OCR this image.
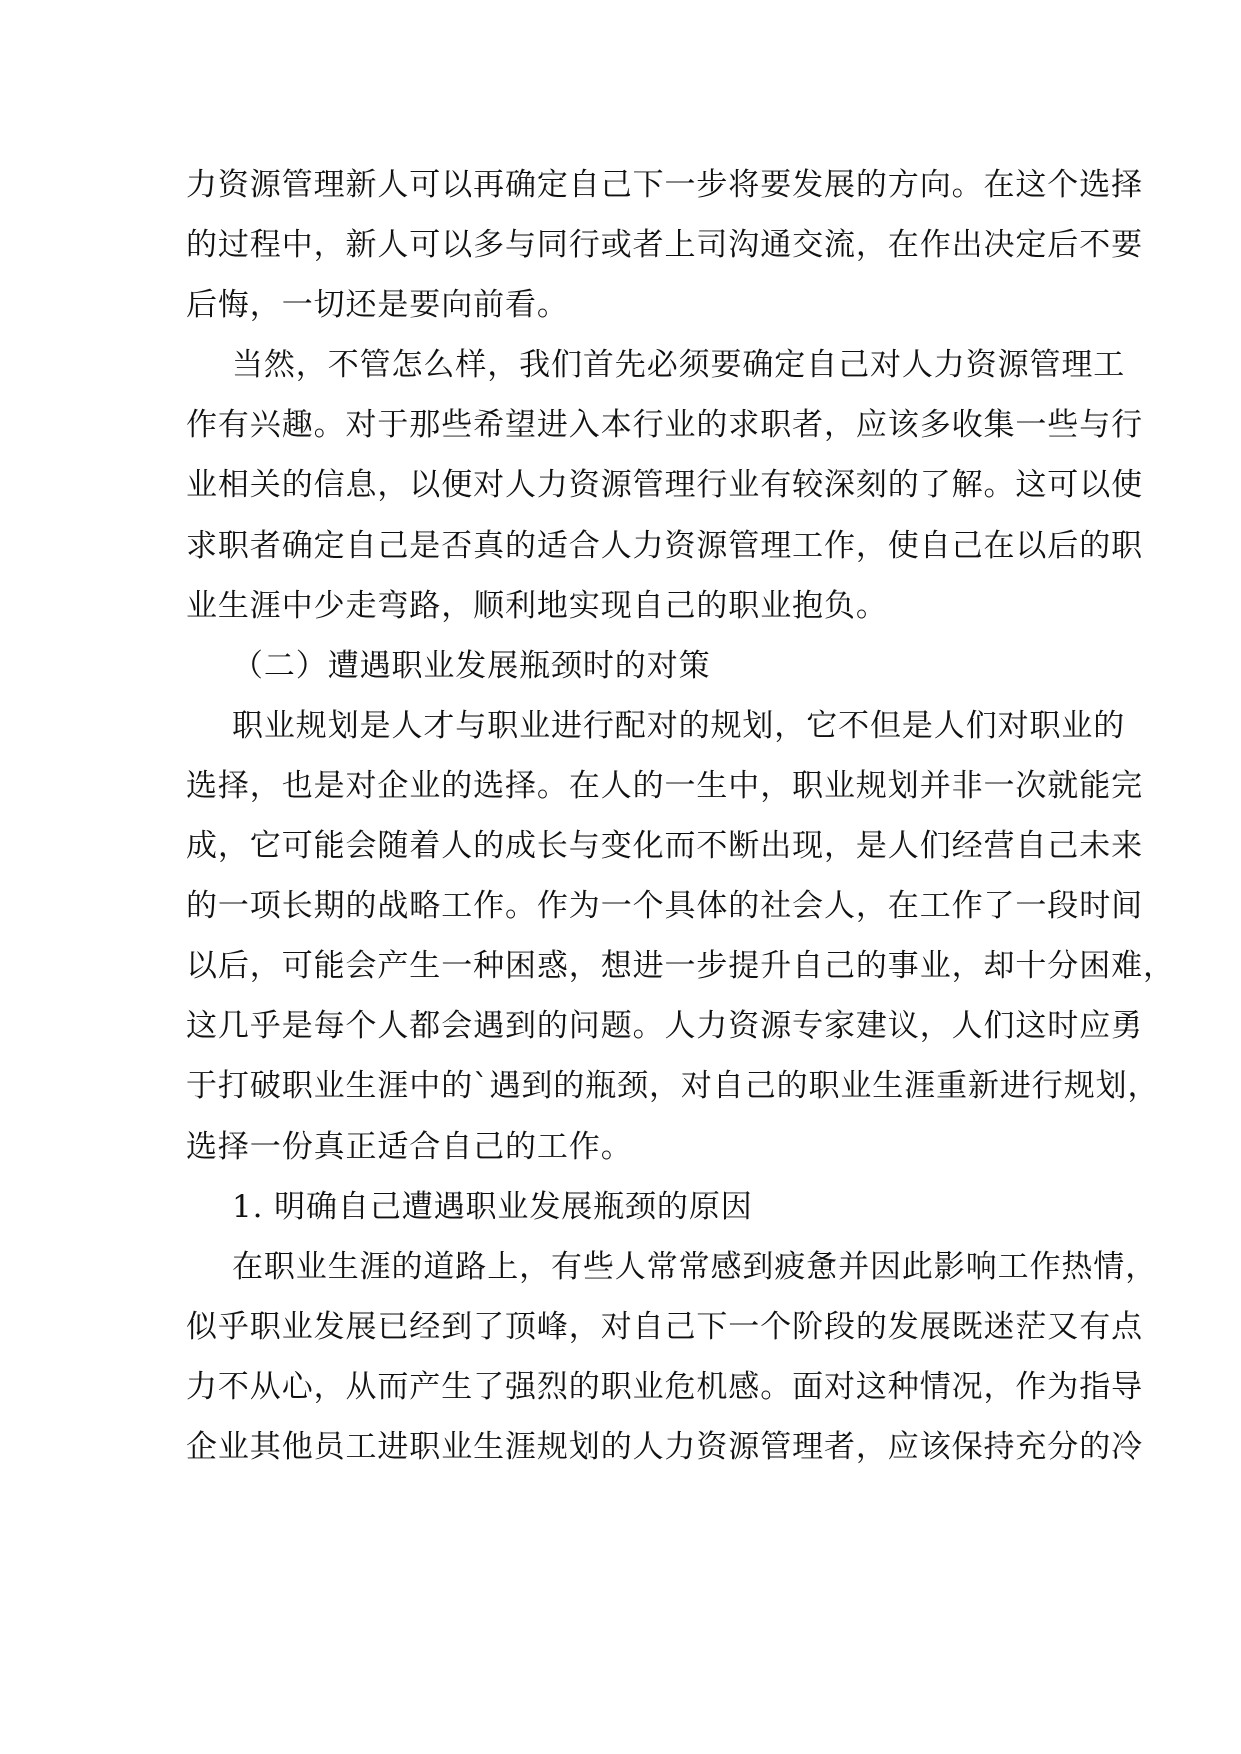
力资源管理新人可以再确定自己下一步将要发展的方向。在这个选择
的过程中，新人可以多与同行或者上司沟通交流，在作出决定后不要
后悔，一切还是要向前看。
当然，不管怎么样，我们首先必须要确定自己对人力资源管理工
作有兴趣。对于那些希望进入本行业的求职者，应该多收集一些与行
业相关的信息，以便对人力资源管理行业有较深刻的了解。这可以使
求职者确定自己是否真的适合人力资源管理工作，使自己在以后的职
业生涯中少走弯路，顺利地实现自己的职业抱负。
（二）遭遇职业发展瓶颈时的对策
职业规划是人才与职业进行配对的规划，它不但是人们对职业的
选择，也是对企业的选择。在人的一生中，职业规划并非一次就能完
成，它可能会随着人的成长与变化而不断出现，是人们经营自己未来
的一项长期的战略工作。作为一个具体的社会人，在工作了一段时间
以后，可能会产生一种困惑，想进一步提升自己的事业，却十分困难，
这几乎是每个人都会遇到的问题。人力资源专家建议，人们这时应勇
于打破职业生涯中的`遇到的瓶颈，对自己的职业生涯重新进行规划，
选择一份真正适合自己的工作。
1. 明确自己遭遇职业发展瓶颈的原因
在职业生涯的道路上，有些人常常感到疲惫并因此影响工作热情，
似乎职业发展已经到了顶峰，对自己下一个阶段的发展既迷茫又有点
力不从心，从而产生了强烈的职业危机感。面对这种情况，作为指导
企业其他员工进职业生涯规划的人力资源管理者，应该保持充分的冷
